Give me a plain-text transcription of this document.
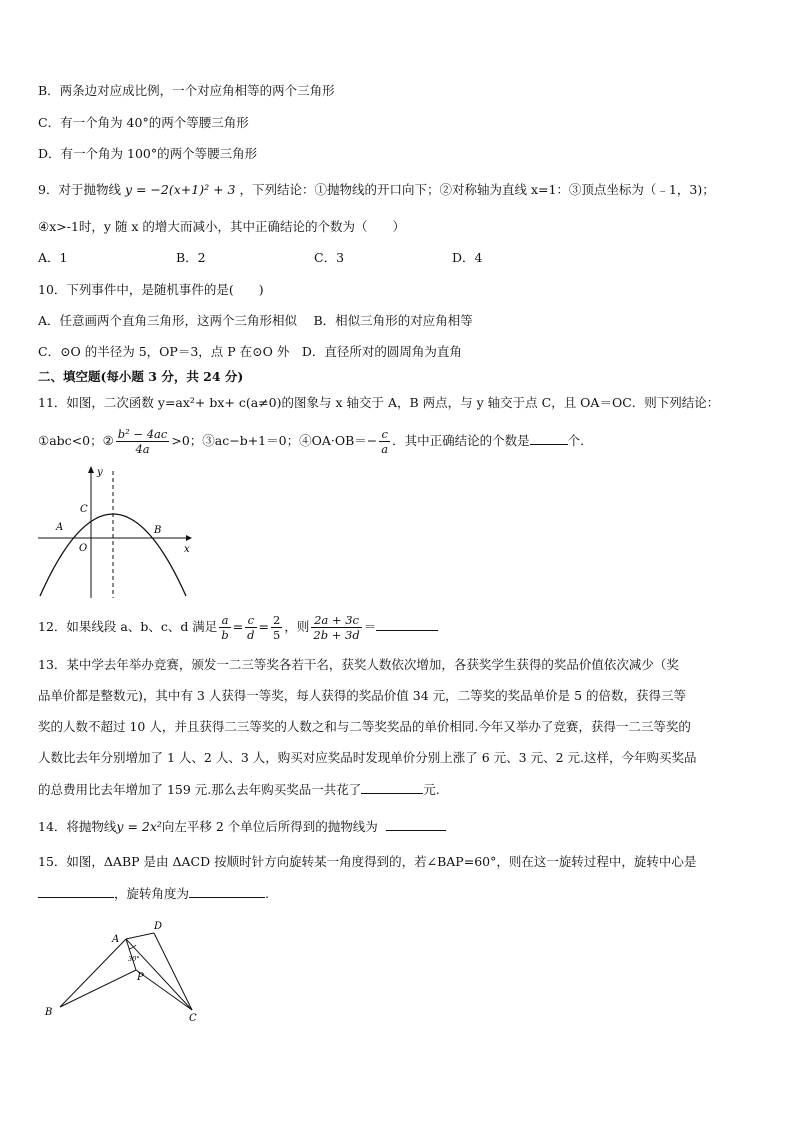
B．两条边对应成比例，一个对应角相等的两个三角形
C．有一个角为 40°的两个等腰三角形
D．有一个角为 100°的两个等腰三角形
9．对于抛物线 y = −2(x+1)² + 3 ，下列结论：①抛物线的开口向下；②对称轴为直线 x=1：③顶点坐标为（﹣1，3)；
④x>-1时，y 随 x 的增大而减小，其中正确结论的个数为（　　）
A．1	B．2	C．3	D．4
10．下列事件中，是随机事件的是(　　)
A．任意画两个直角三角形，这两个三角形相似　 B．相似三角形的对应角相等
C．⊙O 的半径为 5，OP＝3，点 P 在⊙O 外　D．直径所对的圆周角为直角
二、填空题(每小题 3 分，共 24 分)
11．如图，二次函数 y=ax²+ bx+ c(a≠0)的图象与 x 轴交于 A，B 两点，与 y 轴交于点 C，且 OA＝OC．则下列结论：
①abc<0；② $\frac{\text{b² − 4ac}}{4a} >0$；③ac−b+1＝0；④OA·OB＝− $\frac{c}{a}$ ．其中正确结论的个数是	个．
y
C
A	B
O	x
12．如果线段 a、b、c、d 满足 $\frac{a}{b} = \frac{c}{d} = \frac{2}{5}$ ，则 $\frac{2a + 3c}{2b + 3d}$ ＝
13．某中学去年举办竞赛，颁发一二三等奖各若干名，获奖人数依次增加，各获奖学生获得的奖品价值依次减少（奖
品单价都是整数元)，其中有 3 人获得一等奖，每人获得的奖品价值 34 元，二等奖的奖品单价是 5 的倍数，获得三等
奖的人数不超过 10 人，并且获得二三等奖的人数之和与二等奖奖品的单价相同.今年又举办了竞赛，获得一二三等奖的
人数比去年分别增加了 1 人、2 人、3 人，购买对应奖品时发现单价分别上涨了 6 元、3 元、2 元.这样，今年购买奖品
的总费用比去年增加了 159 元.那么去年购买奖品一共花了	元.
14．将抛物线y = 2x²向左平移 2 个单位后所得到的抛物线为
15．如图，ΔABP 是由 ΔACD 按顺时针方向旋转某一角度得到的，若∠BAP=60°，则在这一旋转过程中，旋转中心是
，旋转角度为	.
30°
A
D
P
B
C
